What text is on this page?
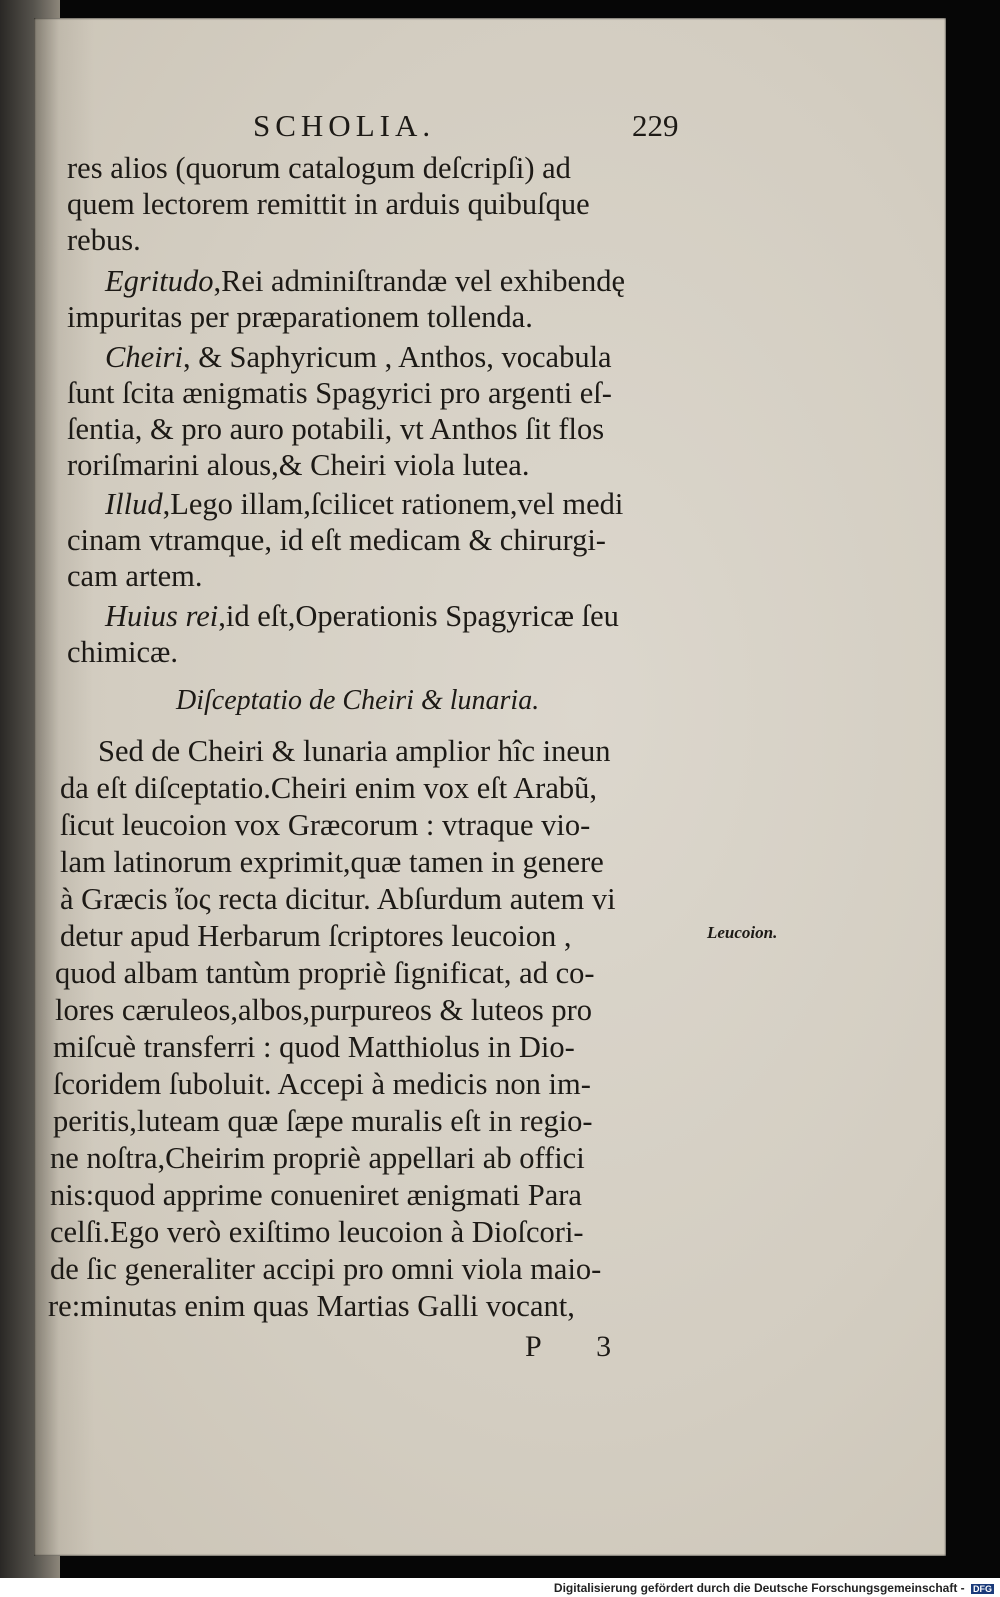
SCHOLIA.	229
res alios (quorum catalogum deſcripſi) ad
quem lectorem remittit in arduis quibuſque
rebus.
Egritudo,Rei adminiſtrandæ vel exhibendę
impuritas per præparationem tollenda.
Cheiri, & Saphyricum , Anthos, vocabula
ſunt ſcita ænigmatis Spagyrici pro argenti eſ-
ſentia, & pro auro potabili, vt Anthos ſit flos
roriſmarini alous,& Cheiri viola lutea.
Illud,Lego illam,ſcilicet rationem,vel medi
cinam vtramque, id eſt medicam & chirurgi-
cam artem.
Huius rei,id eſt,Operationis Spagyricæ ſeu
chimicæ.
Diſceptatio de Cheiri & lunaria.
Sed de Cheiri & lunaria amplior hîc ineun
da eſt diſceptatio.Cheiri enim vox eſt Arabũ,
ſicut leucoion vox Græcorum : vtraque vio-
lam latinorum exprimit,quæ tamen in genere
à Græcis ἴος recta dicitur. Abſurdum autem vi
detur apud Herbarum ſcriptores leucoion ,
quod albam tantùm propriè ſignificat, ad co-
lores cæruleos,albos,purpureos & luteos pro
miſcuè transferri : quod Matthiolus in Dio-
ſcoridem ſuboluit. Accepi à medicis non im-
peritis,luteam quæ ſæpe muralis eſt in regio-
ne noſtra,Cheirim propriè appellari ab offici
nis:quod apprime conueniret ænigmati Para
celſi.Ego verò exiſtimo leucoion à Dioſcori-
de ſic generaliter accipi pro omni viola maio-
re:minutas enim quas Martias Galli vocant,
Leucoion.
P 3
Digitalisierung gefördert durch die Deutsche Forschungsgemeinschaft - DFG
